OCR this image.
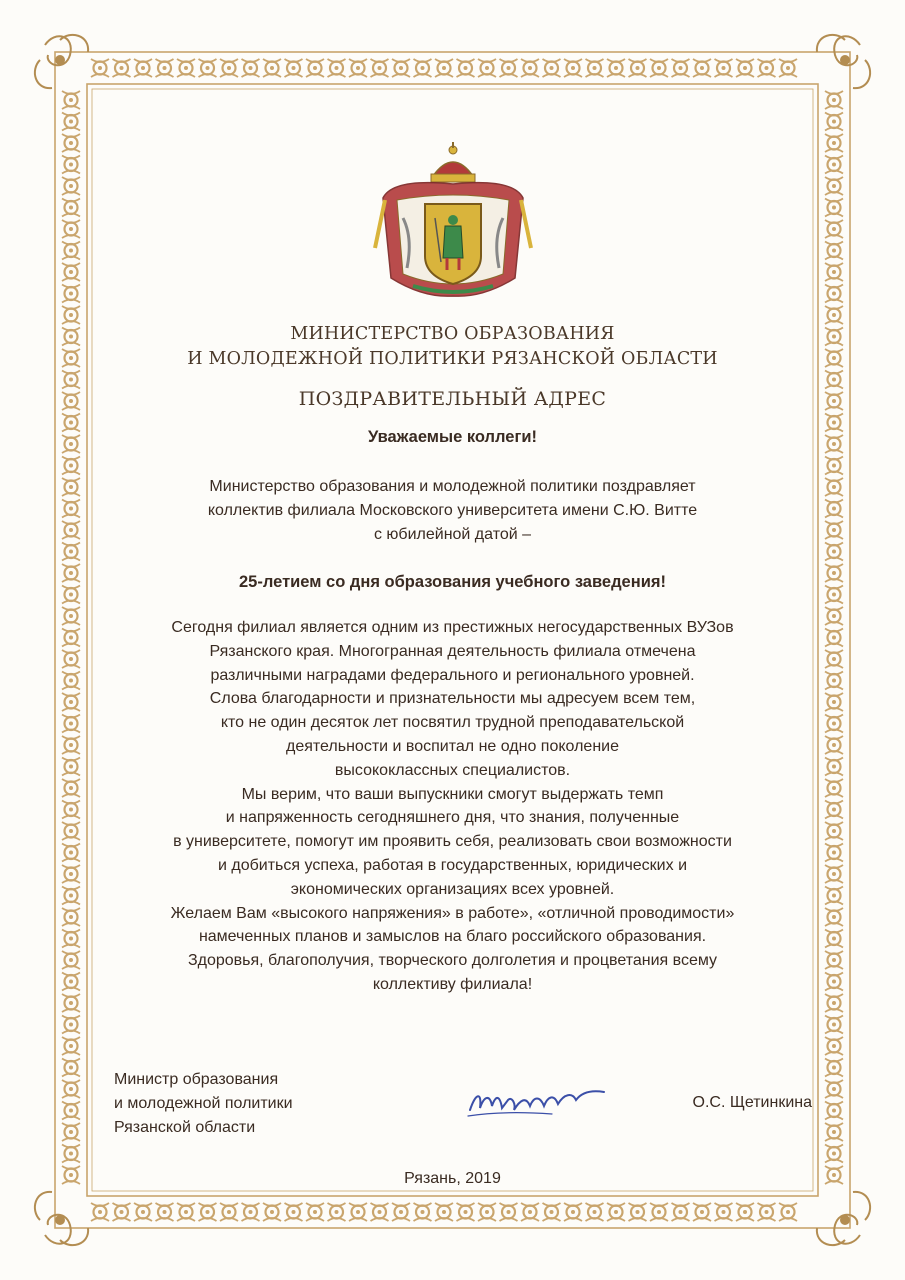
МИНИСТЕРСТВО ОБРАЗОВАНИЯ
И МОЛОДЕЖНОЙ ПОЛИТИКИ РЯЗАНСКОЙ ОБЛАСТИ
ПОЗДРАВИТЕЛЬНЫЙ АДРЕС
Уважаемые коллеги!
Министерство образования и молодежной политики поздравляет
коллектив филиала Московского университета имени С.Ю. Витте
с юбилейной датой –
25-летием со дня образования учебного заведения!
Сегодня филиал является одним из престижных негосударственных ВУЗов
Рязанского края. Многогранная деятельность филиала отмечена
различными наградами федерального и регионального уровней.
Слова благодарности и признательности мы адресуем всем тем,
кто не один десяток лет посвятил трудной преподавательской
деятельности и воспитал не одно поколение
высококлассных специалистов.
Мы верим, что ваши выпускники смогут выдержать темп
и напряженность сегодняшнего дня, что знания, полученные
в университете, помогут им проявить себя, реализовать свои возможности
и добиться успеха, работая в государственных, юридических и
экономических организациях всех уровней.
Желаем Вам «высокого напряжения» в работе», «отличной проводимости»
намеченных планов и замыслов на благо российского образования.
Здоровья, благополучия, творческого долголетия и процветания всему
коллективу филиала!
Министр образования
и молодежной политики
Рязанской области
О.С. Щетинкина
Рязань, 2019
